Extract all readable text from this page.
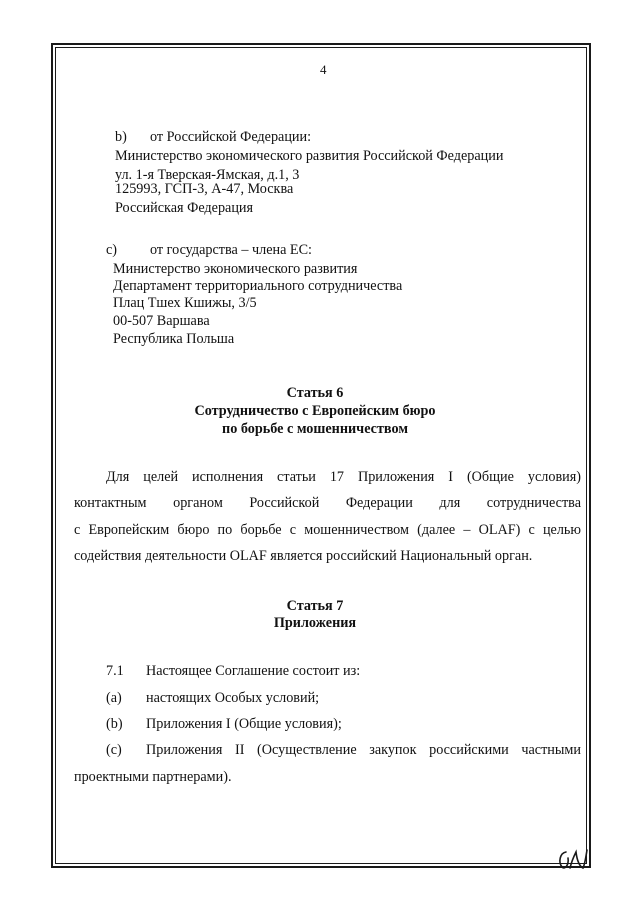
4
b) от Российской Федерации:
Министерство экономического развития Российской Федерации
ул. 1-я Тверская-Ямская, д.1, 3
125993, ГСП-3, А-47, Москва
Российская Федерация
c) от государства – члена ЕС:
Министерство экономического развития
Департамент территориального сотрудничества
Плац Тшех Кшижы, 3/5
00-507 Варшава
Республика Польша
Статья 6
Сотрудничество с Европейским бюро
по борьбе с мошенничеством
Для целей исполнения статьи 17 Приложения I (Общие условия)
контактным органом Российской Федерации для сотрудничества
с Европейским бюро по борьбе с мошенничеством (далее – OLAF) с целью
содействия деятельности OLAF является российский Национальный орган.
Статья 7
Приложения
7.1 Настоящее Соглашение состоит из:
(a) настоящих Особых условий;
(b) Приложения I (Общие условия);
(c) Приложения II (Осуществление закупок российскими частными
проектными партнерами).
